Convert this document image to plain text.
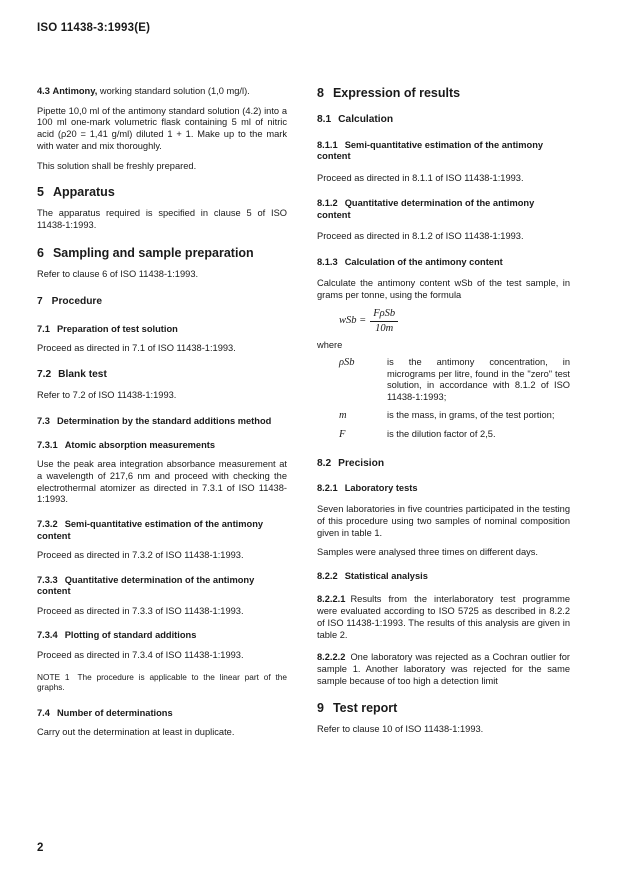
ISO 11438-3:1993(E)

4.3 Antimony, working standard solution (1,0 mg/l).

Pipette 10,0 ml of the antimony standard solution (4.2) into a 100 ml one-mark volumetric flask containing 5 ml of nitric acid (ρ20 = 1,41 g/ml) diluted 1 + 1. Make up to the mark with water and mix thoroughly.

This solution shall be freshly prepared.

5 Apparatus

The apparatus required is specified in clause 5 of ISO 11438-1:1993.

6 Sampling and sample preparation

Refer to clause 6 of ISO 11438-1:1993.

7 Procedure
7.1 Preparation of test solution

Proceed as directed in 7.1 of ISO 11438-1:1993.

7.2 Blank test

Refer to 7.2 of ISO 11438-1:1993.

7.3 Determination by the standard additions method
7.3.1 Atomic absorption measurements

Use the peak area integration absorbance measurement at a wavelength of 217,6 nm and proceed with checking the electrothermal atomizer as directed in 7.3.1 of ISO 11438-1:1993.

7.3.2 Semi-quantitative estimation of the antimony content

Proceed as directed in 7.3.2 of ISO 11438-1:1993.

7.3.3 Quantitative determination of the antimony content

Proceed as directed in 7.3.3 of ISO 11438-1:1993.

7.3.4 Plotting of standard additions

Proceed as directed in 7.3.4 of ISO 11438-1:1993.

NOTE 1 The procedure is applicable to the linear part of the graphs.

7.4 Number of determinations

Carry out the determination at least in duplicate.

8 Expression of results
8.1 Calculation
8.1.1 Semi-quantitative estimation of the antimony content

Proceed as directed in 8.1.1 of ISO 11438-1:1993.

8.1.2 Quantitative determination of the antimony content

Proceed as directed in 8.1.2 of ISO 11438-1:1993.

8.1.3 Calculation of the antimony content

Calculate the antimony content wSb of the test sample, in grams per tonne, using the formula

wSb = $\frac{\text{FρSb}}{10m}$

where

ρSb	is the antimony concentration, in micrograms per litre, found in the "zero" test solution, in accordance with 8.1.2 of ISO 11438-1:1993;
m	is the mass, in grams, of the test portion;
F	is the dilution factor of 2,5.
8.2 Precision
8.2.1 Laboratory tests

Seven laboratories in five countries participated in the testing of this procedure using two samples of nominal composition given in table 1.

Samples were analysed three times on different days.

8.2.2 Statistical analysis

8.2.2.1 Results from the interlaboratory test programme were evaluated according to ISO 5725 as described in 8.2.2 of ISO 11438-1:1993. The results of this analysis are given in table 2.

8.2.2.2 One laboratory was rejected as a Cochran outlier for sample 1. Another laboratory was rejected for the same sample because of too high a detection limit

9 Test report

Refer to clause 10 of ISO 11438-1:1993.

2
